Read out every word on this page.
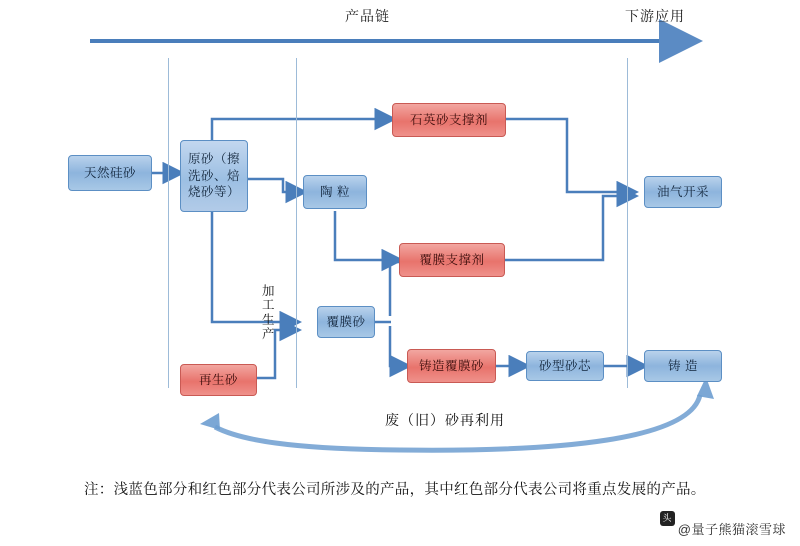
产品链	下游应用
天然硅砂
原砂（擦洗砂、焙烧砂等）
石英砂支撑剂
陶 粒
覆膜支撑剂
覆膜砂
再生砂
铸造覆膜砂	砂型砂芯
油气开采
铸 造
加工生产
废（旧）砂再利用
注：浅蓝色部分和红色部分代表公司所涉及的产品，其中红色部分代表公司将重点发展的产品。
头条 @量子熊猫滚雪球
